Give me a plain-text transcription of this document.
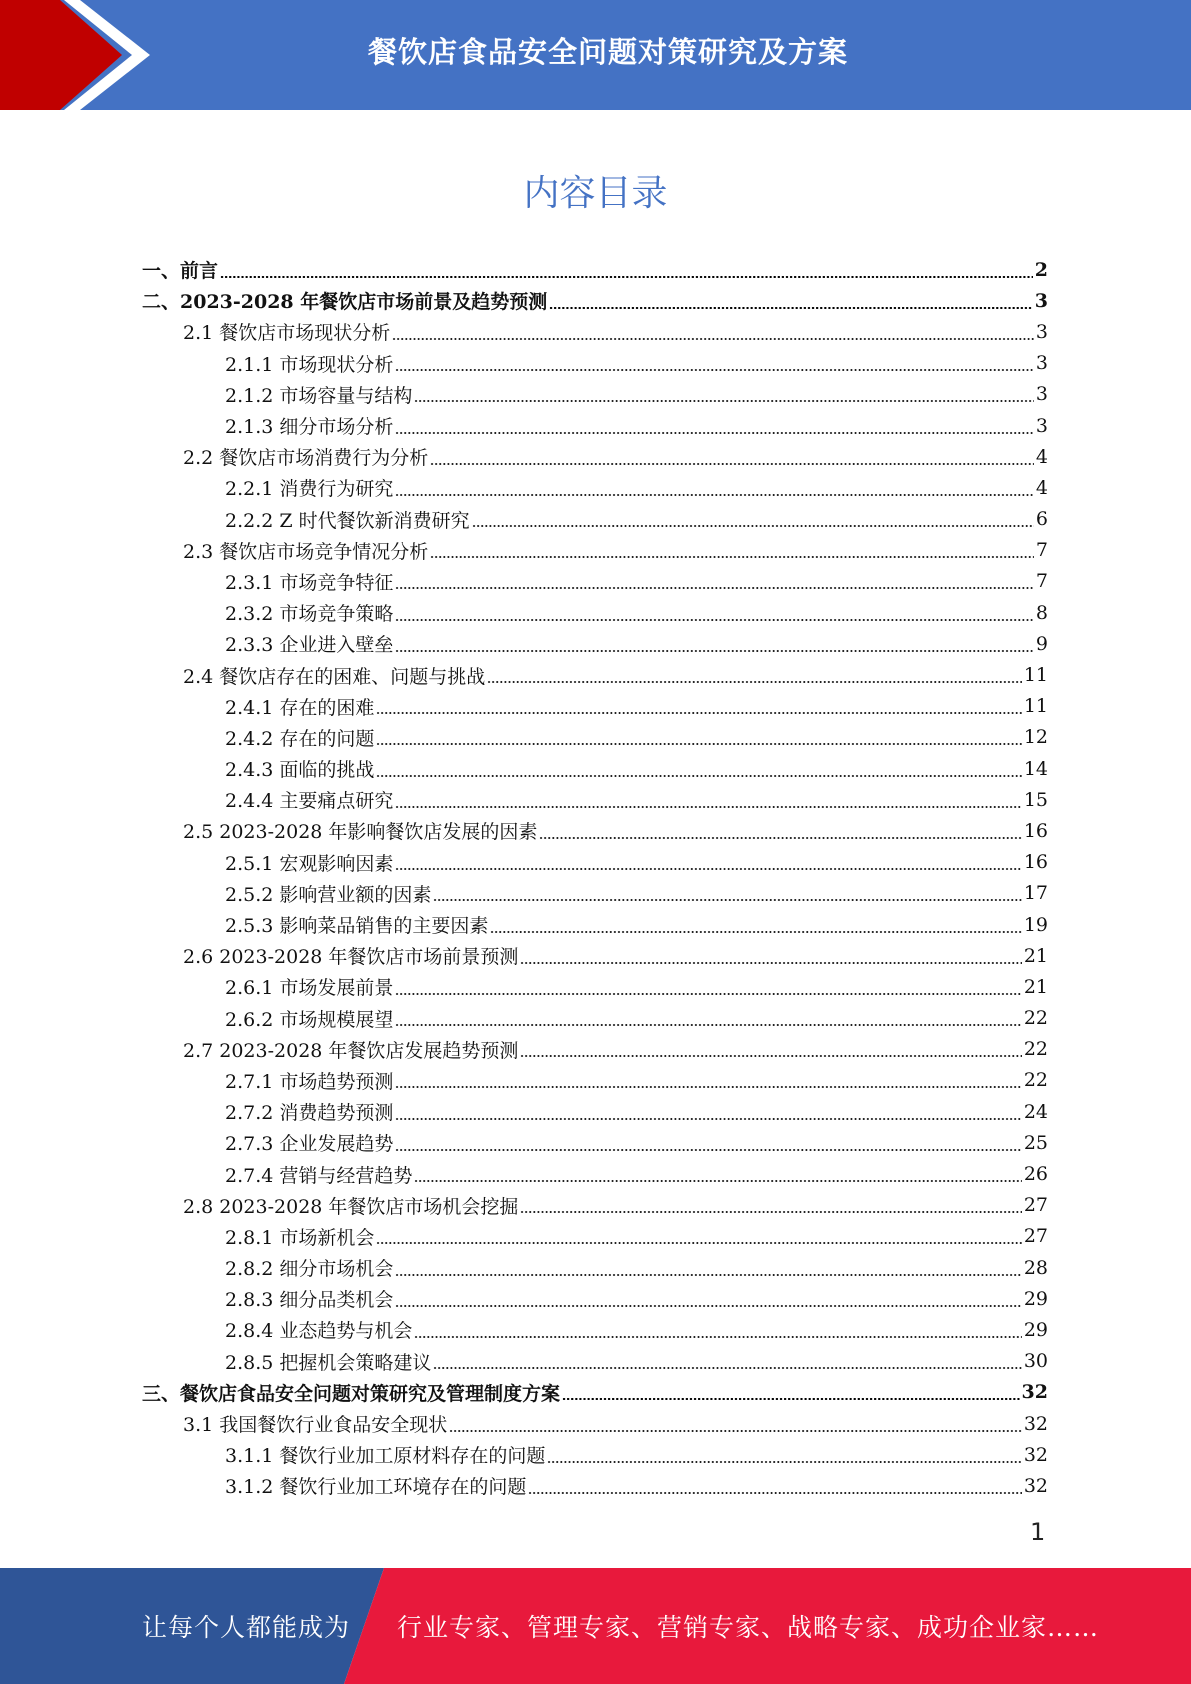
餐饮店食品安全问题对策研究及方案
内容目录
一、前言	2
二、2023-2028 年餐饮店市场前景及趋势预测	3
2.1 餐饮店市场现状分析	3
2.1.1 市场现状分析	3
2.1.2 市场容量与结构	3
2.1.3 细分市场分析	3
2.2 餐饮店市场消费行为分析	4
2.2.1 消费行为研究	4
2.2.2 Z 时代餐饮新消费研究	6
2.3 餐饮店市场竞争情况分析	7
2.3.1 市场竞争特征	7
2.3.2 市场竞争策略	8
2.3.3 企业进入壁垒	9
2.4 餐饮店存在的困难、问题与挑战	11
2.4.1 存在的困难	11
2.4.2 存在的问题	12
2.4.3 面临的挑战	14
2.4.4 主要痛点研究	15
2.5 2023-2028 年影响餐饮店发展的因素	16
2.5.1 宏观影响因素	16
2.5.2 影响营业额的因素	17
2.5.3 影响菜品销售的主要因素	19
2.6 2023-2028 年餐饮店市场前景预测	21
2.6.1 市场发展前景	21
2.6.2 市场规模展望	22
2.7 2023-2028 年餐饮店发展趋势预测	22
2.7.1 市场趋势预测	22
2.7.2 消费趋势预测	24
2.7.3 企业发展趋势	25
2.7.4 营销与经营趋势	26
2.8 2023-2028 年餐饮店市场机会挖掘	27
2.8.1 市场新机会	27
2.8.2 细分市场机会	28
2.8.3 细分品类机会	29
2.8.4 业态趋势与机会	29
2.8.5 把握机会策略建议	30
三、餐饮店食品安全问题对策研究及管理制度方案	32
3.1 我国餐饮行业食品安全现状	32
3.1.1 餐饮行业加工原材料存在的问题	32
3.1.2 餐饮行业加工环境存在的问题	32
1
让每个人都能成为 行业专家、管理专家、营销专家、战略专家、成功企业家……
